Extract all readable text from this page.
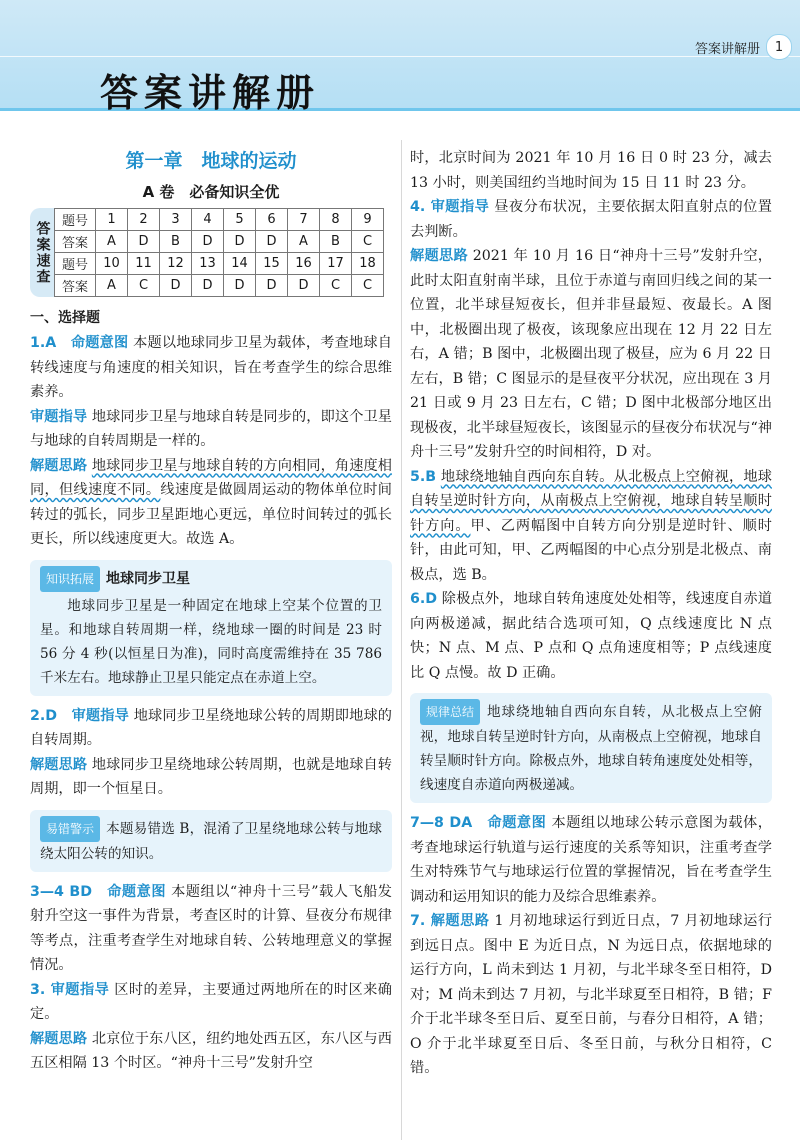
答案讲解册	1
答案讲解册
第一章　地球的运动
A 卷　必备知识全优
答案速查 题号	1	2	3	4	5	6	7	8	9
答案	A	D	B	D	D	D	A	B	C
题号	10	11	12	13	14	15	16	17	18
答案	A	C	D	D	D	D	D	C	C
一、选择题

1.A　命题意图 本题以地球同步卫星为载体，考查地球自转线速度与角速度的相关知识，旨在考查学生的综合思维素养。

审题指导 地球同步卫星与地球自转是同步的，即这个卫星与地球的自转周期是一样的。

解题思路 地球同步卫星与地球自转的方向相同，角速度相同，但线速度不同。线速度是做圆周运动的物体单位时间转过的弧长，同步卫星距地心更远，单位时间转过的弧长更长，所以线速度更大。故选 A。

知识拓展 地球同步卫星

地球同步卫星是一种固定在地球上空某个位置的卫星。和地球自转周期一样，绕地球一圈的时间是 23 时 56 分 4 秒(以恒星日为准)，同时高度需维持在 35 786 千米左右。地球静止卫星只能定点在赤道上空。

2.D　审题指导 地球同步卫星绕地球公转的周期即地球的自转周期。

解题思路 地球同步卫星绕地球公转周期，也就是地球自转周期，即一个恒星日。

易错警示 本题易错选 B，混淆了卫星绕地球公转与地球绕太阳公转的知识。

3—4 BD　命题意图 本题组以“神舟十三号”载人飞船发射升空这一事件为背景，考查区时的计算、昼夜分布规律等考点，注重考查学生对地球自转、公转地理意义的掌握情况。

3. 审题指导 区时的差异，主要通过两地所在的时区来确定。

解题思路 北京位于东八区，纽约地处西五区，东八区与西五区相隔 13 个时区。“神舟十三号”发射升空

时，北京时间为 2021 年 10 月 16 日 0 时 23 分，减去 13 小时，则美国纽约当地时间为 15 日 11 时 23 分。

4. 审题指导 昼夜分布状况，主要依据太阳直射点的位置去判断。

解题思路 2021 年 10 月 16 日“神舟十三号”发射升空，此时太阳直射南半球，且位于赤道与南回归线之间的某一位置，北半球昼短夜长，但并非昼最短、夜最长。A 图中，北极圈出现了极夜，该现象应出现在 12 月 22 日左右，A 错；B 图中，北极圈出现了极昼，应为 6 月 22 日左右，B 错；C 图显示的是昼夜平分状况，应出现在 3 月 21 日或 9 月 23 日左右，C 错；D 图中北极部分地区出现极夜，北半球昼短夜长，该图显示的昼夜分布状况与“神舟十三号”发射升空的时间相符，D 对。

5.B 地球绕地轴自西向东自转。从北极点上空俯视，地球自转呈逆时针方向，从南极点上空俯视，地球自转呈顺时针方向。甲、乙两幅图中自转方向分别是逆时针、顺时针，由此可知，甲、乙两幅图的中心点分别是北极点、南极点，选 B。

6.D 除极点外，地球自转角速度处处相等，线速度自赤道向两极递减，据此结合选项可知，Q 点线速度比 N 点快；N 点、M 点、P 点和 Q 点角速度相等；P 点线速度比 Q 点慢。故 D 正确。

规律总结 地球绕地轴自西向东自转，从北极点上空俯视，地球自转呈逆时针方向，从南极点上空俯视，地球自转呈顺时针方向。除极点外，地球自转角速度处处相等，线速度自赤道向两极递减。

7—8 DA　命题意图 本题组以地球公转示意图为载体，考查地球运行轨道与运行速度的关系等知识，注重考查学生对特殊节气与地球运行位置的掌握情况，旨在考查学生调动和运用知识的能力及综合思维素养。

7. 解题思路 1 月初地球运行到近日点，7 月初地球运行到远日点。图中 E 为近日点，N 为远日点，依据地球的运行方向，L 尚未到达 1 月初，与北半球冬至日相符，D 对；M 尚未到达 7 月初，与北半球夏至日相符，B 错；F 介于北半球冬至日后、夏至日前，与春分日相符，A 错；O 介于北半球夏至日后、冬至日前，与秋分日相符，C 错。
